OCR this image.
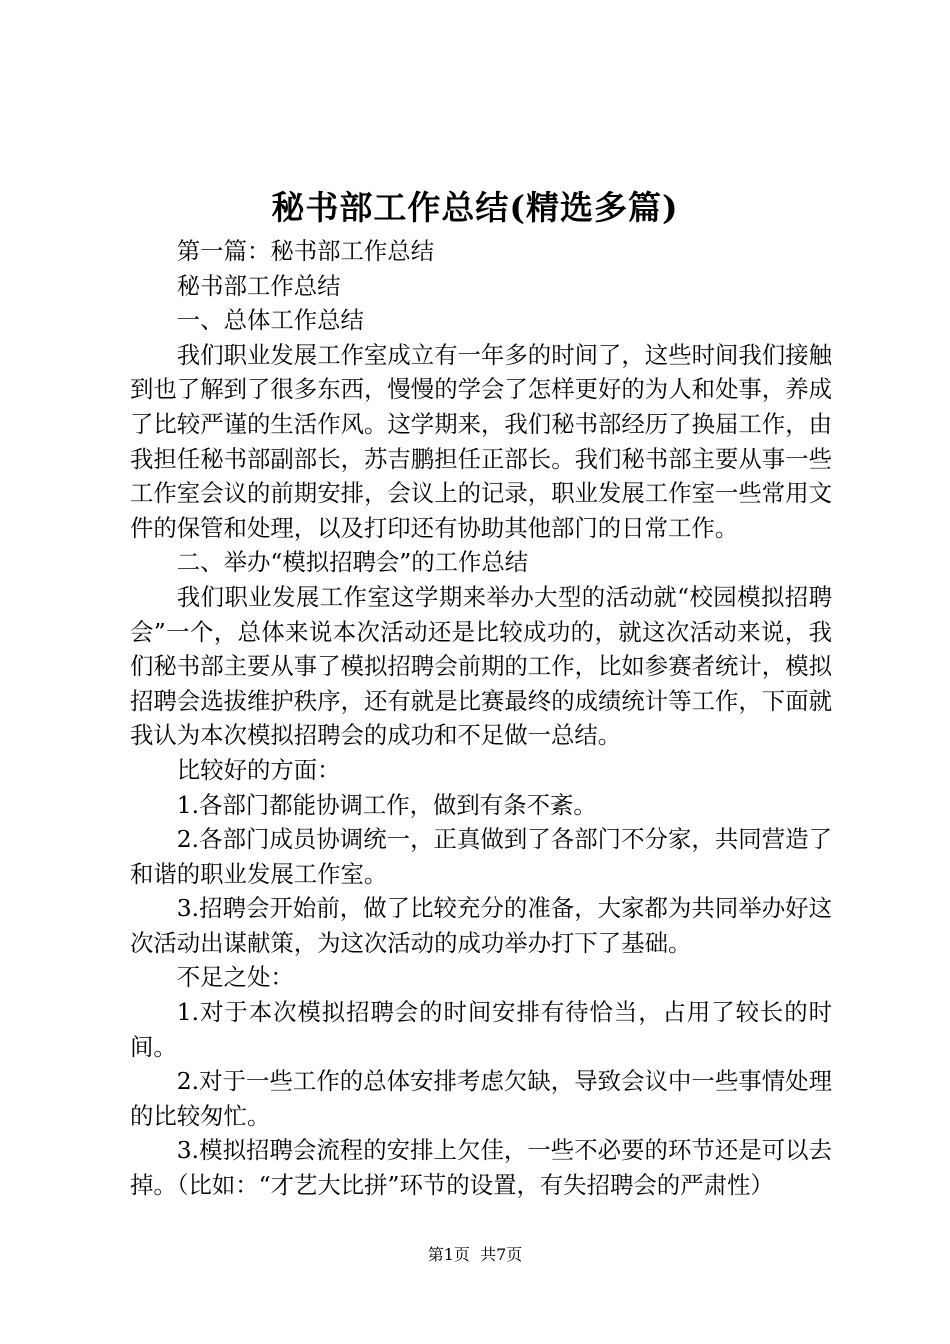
秘书部工作总结(精选多篇)

第一篇：秘书部工作总结

秘书部工作总结

一、总体工作总结

我们职业发展工作室成立有一年多的时间了，这些时间我们接触到也了解到了很多东西，慢慢的学会了怎样更好的为人和处事，养成了比较严谨的生活作风。这学期来，我们秘书部经历了换届工作，由我担任秘书部副部长，苏吉鹏担任正部长。我们秘书部主要从事一些工作室会议的前期安排，会议上的记录，职业发展工作室一些常用文件的保管和处理，以及打印还有协助其他部门的日常工作。

二、举办“模拟招聘会”的工作总结

我们职业发展工作室这学期来举办大型的活动就“校园模拟招聘会”一个，总体来说本次活动还是比较成功的，就这次活动来说，我们秘书部主要从事了模拟招聘会前期的工作，比如参赛者统计，模拟招聘会选拔维护秩序，还有就是比赛最终的成绩统计等工作，下面就我认为本次模拟招聘会的成功和不足做一总结。

比较好的方面：

1.各部门都能协调工作，做到有条不紊。

2.各部门成员协调统一，正真做到了各部门不分家，共同营造了和谐的职业发展工作室。

3.招聘会开始前，做了比较充分的准备，大家都为共同举办好这次活动出谋献策，为这次活动的成功举办打下了基础。

不足之处：

1.对于本次模拟招聘会的时间安排有待恰当，占用了较长的时间。

2.对于一些工作的总体安排考虑欠缺，导致会议中一些事情处理的比较匆忙。

3.模拟招聘会流程的安排上欠佳，一些不必要的环节还是可以去掉。（比如：“才艺大比拼”环节的设置，有失招聘会的严肃性）

第1页 共7页
